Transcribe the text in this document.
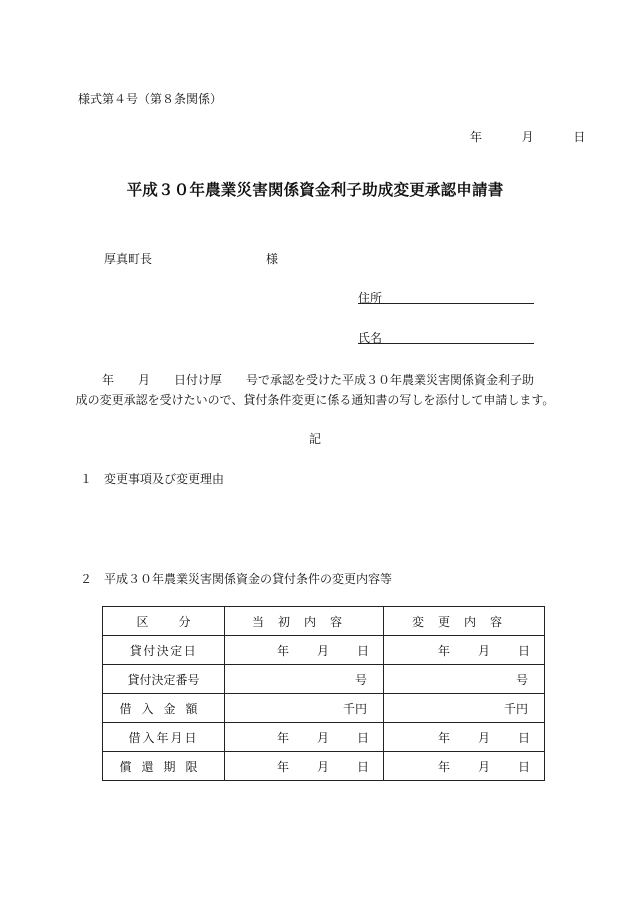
様式第４号（第８条関係）
年	月	日
平成３０年農業災害関係資金利子助成変更承認申請書
厚真町長	様
住所
氏名
年　　月　　日付け厚　　号で承認を受けた平成３０年農業災害関係資金利子助
成の変更承認を受けたいので、貸付条件変更に係る通知書の写しを添付して申請します。
記
１　変更事項及び変更理由
２　平成３０年農業災害関係資金の貸付条件の変更内容等
区分	当初内容	変更内容
貸付決定日	年 月 日	年 月 日
貸付決定番号	号	号
借入金額	千円	千円
借入年月日	年 月 日	年 月 日
償還期限	年 月 日	年 月 日
